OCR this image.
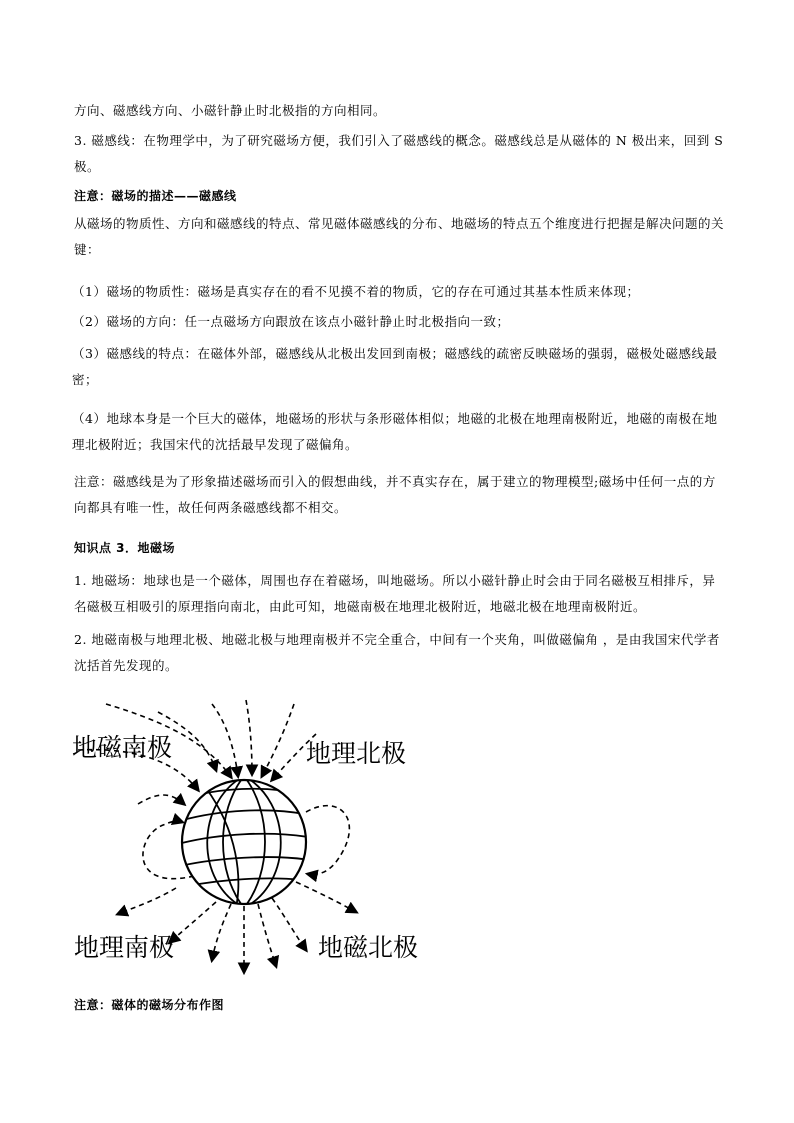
方向、磁感线方向、小磁针静止时北极指的方向相同。

3. 磁感线：在物理学中，为了研究磁场方便，我们引入了磁感线的概念。磁感线总是从磁体的 N 极出来，回到 S 极。

注意：磁场的描述——磁感线

从磁场的物质性、方向和磁感线的特点、常见磁体磁感线的分布、地磁场的特点五个维度进行把握是解决问题的关键：

（1）磁场的物质性：磁场是真实存在的看不见摸不着的物质，它的存在可通过其基本性质来体现；

（2）磁场的方向：任一点磁场方向跟放在该点小磁针静止时北极指向一致；

（3）磁感线的特点：在磁体外部，磁感线从北极出发回到南极；磁感线的疏密反映磁场的强弱，磁极处磁感线最密；

（4）地球本身是一个巨大的磁体，地磁场的形状与条形磁体相似；地磁的北极在地理南极附近，地磁的南极在地理北极附近；我国宋代的沈括最早发现了磁偏角。

注意：磁感线是为了形象描述磁场而引入的假想曲线，并不真实存在，属于建立的物理模型;磁场中任何一点的方向都具有唯一性，故任何两条磁感线都不相交。

知识点 3．地磁场

1. 地磁场：地球也是一个磁体，周围也存在着磁场，叫地磁场。所以小磁针静止时会由于同名磁极互相排斥，异名磁极互相吸引的原理指向南北，由此可知，地磁南极在地理北极附近，地磁北极在地理南极附近。

2. 地磁南极与地理北极、地磁北极与地理南极并不完全重合，中间有一个夹角，叫做磁偏角 ，是由我国宋代学者沈括首先发现的。

地磁南极	地理北极
地理南极	地磁北极

注意：磁体的磁场分布作图
